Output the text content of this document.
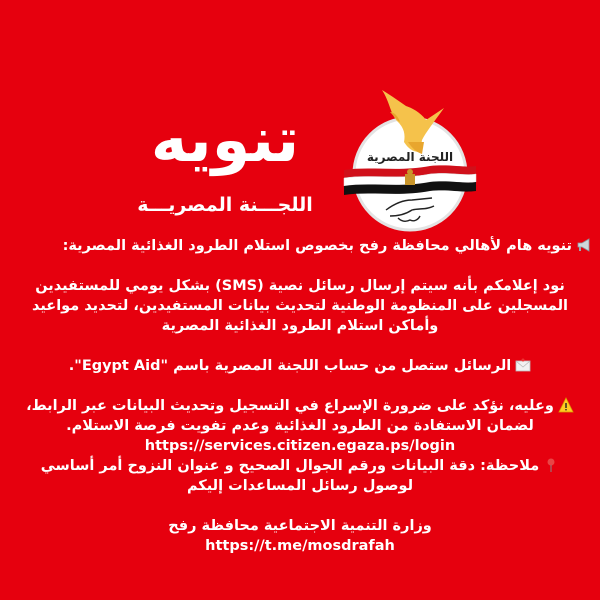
تنويه
اللجـــنة المصريـــة
اللجنة المصرية
تنويه هام لأهالي محافظة رفح بخصوص استلام الطرود الغذائية المصرية:
نود إعلامكم بأنه سيتم إرسال رسائل نصية (SMS) بشكل يومي للمستفيدين
المسجلين على المنظومة الوطنية لتحديث بيانات المستفيدين، لتحديد مواعيد
وأماكن استلام الطرود الغذائية المصرية
الرسائل ستصل من حساب اللجنة المصرية باسم "Egypt Aid".
وعليه، نؤكد على ضرورة الإسراع في التسجيل وتحديث البيانات عبر الرابط،
لضمان الاستفادة من الطرود الغذائية وعدم تفويت فرصة الاستلام.
https://services.citizen.egaza.ps/login
ملاحظة: دقة البيانات ورقم الجوال الصحيح و عنوان النزوح أمر أساسي
لوصول رسائل المساعدات إليكم
وزارة التنمية الاجتماعية محافظة رفح
https://t.me/mosdrafah
